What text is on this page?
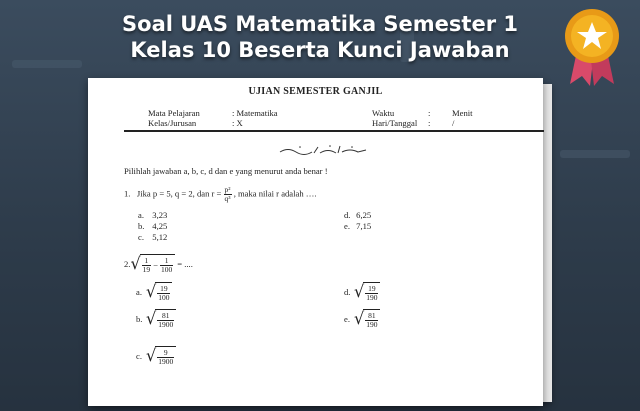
Soal UAS Matematika Semester 1
Kelas 10 Beserta Kunci Jawaban
UJIAN SEMESTER GANJIL
Mata Pelajaran	: Matematika
Kelas/Jurusan	: X
Waktu	:	Menit
Hari/Tanggal :	/
Pilihlah jawaban a, b, c, d dan e yang menurut anda benar !
1. Jika p = 5, q = 2, dan $r = \frac{\text{p²}}{\text{q³}}$ , maka nilai r adalah ….
a. 3,23
b. 4,25
c. 5,12
d. 6,25
e. 7,15
2. √ $\frac{1}{19} - \frac{1}{100}$ = ....
a. √ $\frac{19}{100}$
b. √ $\frac{81}{1900}$
c. √ $\frac{9}{1900}$
d. √ $\frac{19}{190}$
e. √ $\frac{81}{190}$
